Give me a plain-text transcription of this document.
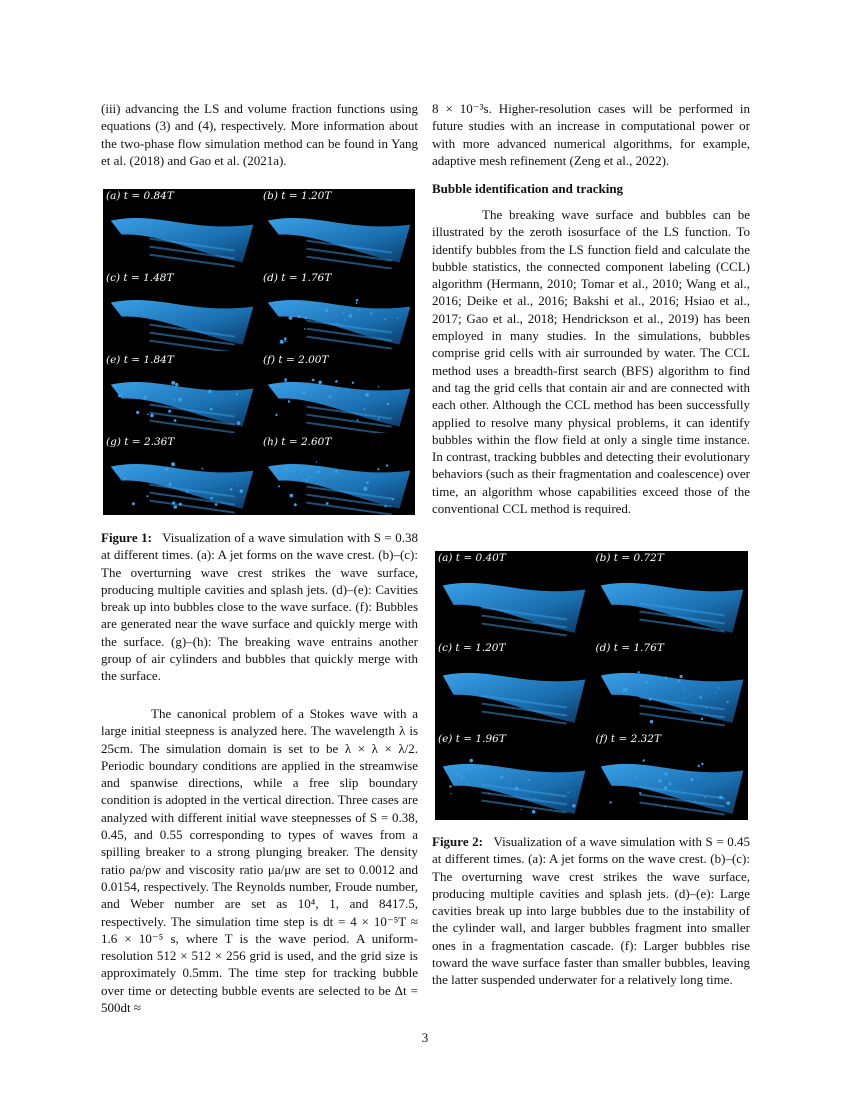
(iii) advancing the LS and volume fraction functions using equations (3) and (4), respectively. More information about the two-phase flow simulation method can be found in Yang et al. (2018) and Gao et al. (2021a).

(a) t = 0.84T	(b) t = 1.20T
(c) t = 1.48T	(d) t = 1.76T
(e) t = 1.84T	(f) t = 2.00T
(g) t = 2.36T	(h) t = 2.60T

Figure 1: Visualization of a wave simulation with S = 0.38 at different times. (a): A jet forms on the wave crest. (b)–(c): The overturning wave crest strikes the wave surface, producing multiple cavities and splash jets. (d)–(e): Cavities break up into bubbles close to the wave surface. (f): Bubbles are generated near the wave surface and quickly merge with the surface. (g)–(h): The breaking wave entrains another group of air cylinders and bubbles that quickly merge with the surface.

The canonical problem of a Stokes wave with a large initial steepness is analyzed here. The wavelength λ is 25cm. The simulation domain is set to be λ × λ × λ/2. Periodic boundary conditions are applied in the streamwise and spanwise directions, while a free slip boundary condition is adopted in the vertical direction. Three cases are analyzed with different initial wave steepnesses of S = 0.38, 0.45, and 0.55 corresponding to types of waves from a spilling breaker to a strong plunging breaker. The density ratio ρa/ρw and viscosity ratio μa/μw are set to 0.0012 and 0.0154, respectively. The Reynolds number, Froude number, and Weber number are set as 10⁴, 1, and 8417.5, respectively. The simulation time step is dt = 4 × 10⁻⁵T ≈ 1.6 × 10⁻⁵ s, where T is the wave period. A uniform-resolution 512 × 512 × 256 grid is used, and the grid size is approximately 0.5mm. The time step for tracking bubble over time or detecting bubble events are selected to be Δt = 500dt ≈

8 × 10⁻³s. Higher-resolution cases will be performed in future studies with an increase in computational power or with more advanced numerical algorithms, for example, adaptive mesh refinement (Zeng et al., 2022).

Bubble identification and tracking

The breaking wave surface and bubbles can be illustrated by the zeroth isosurface of the LS function. To identify bubbles from the LS function field and calculate the bubble statistics, the connected component labeling (CCL) algorithm (Hermann, 2010; Tomar et al., 2010; Wang et al., 2016; Deike et al., 2016; Bakshi et al., 2016; Hsiao et al., 2017; Gao et al., 2018; Hendrickson et al., 2019) has been employed in many studies. In the simulations, bubbles comprise grid cells with air surrounded by water. The CCL method uses a breadth-first search (BFS) algorithm to find and tag the grid cells that contain air and are connected with each other. Although the CCL method has been successfully applied to resolve many physical problems, it can identify bubbles within the flow field at only a single time instance. In contrast, tracking bubbles and detecting their evolutionary behaviors (such as their fragmentation and coalescence) over time, an algorithm whose capabilities exceed those of the conventional CCL method is required.

(a) t = 0.40T	(b) t = 0.72T
(c) t = 1.20T	(d) t = 1.76T
(e) t = 1.96T	(f) t = 2.32T

Figure 2: Visualization of a wave simulation with S = 0.45 at different times. (a): A jet forms on the wave crest. (b)–(c): The overturning wave crest strikes the wave surface, producing multiple cavities and splash jets. (d)–(e): Large cavities break up into large bubbles due to the instability of the cylinder wall, and larger bubbles fragment into smaller ones in a fragmentation cascade. (f): Larger bubbles rise toward the wave surface faster than smaller bubbles, leaving the latter suspended underwater for a relatively long time.

3
